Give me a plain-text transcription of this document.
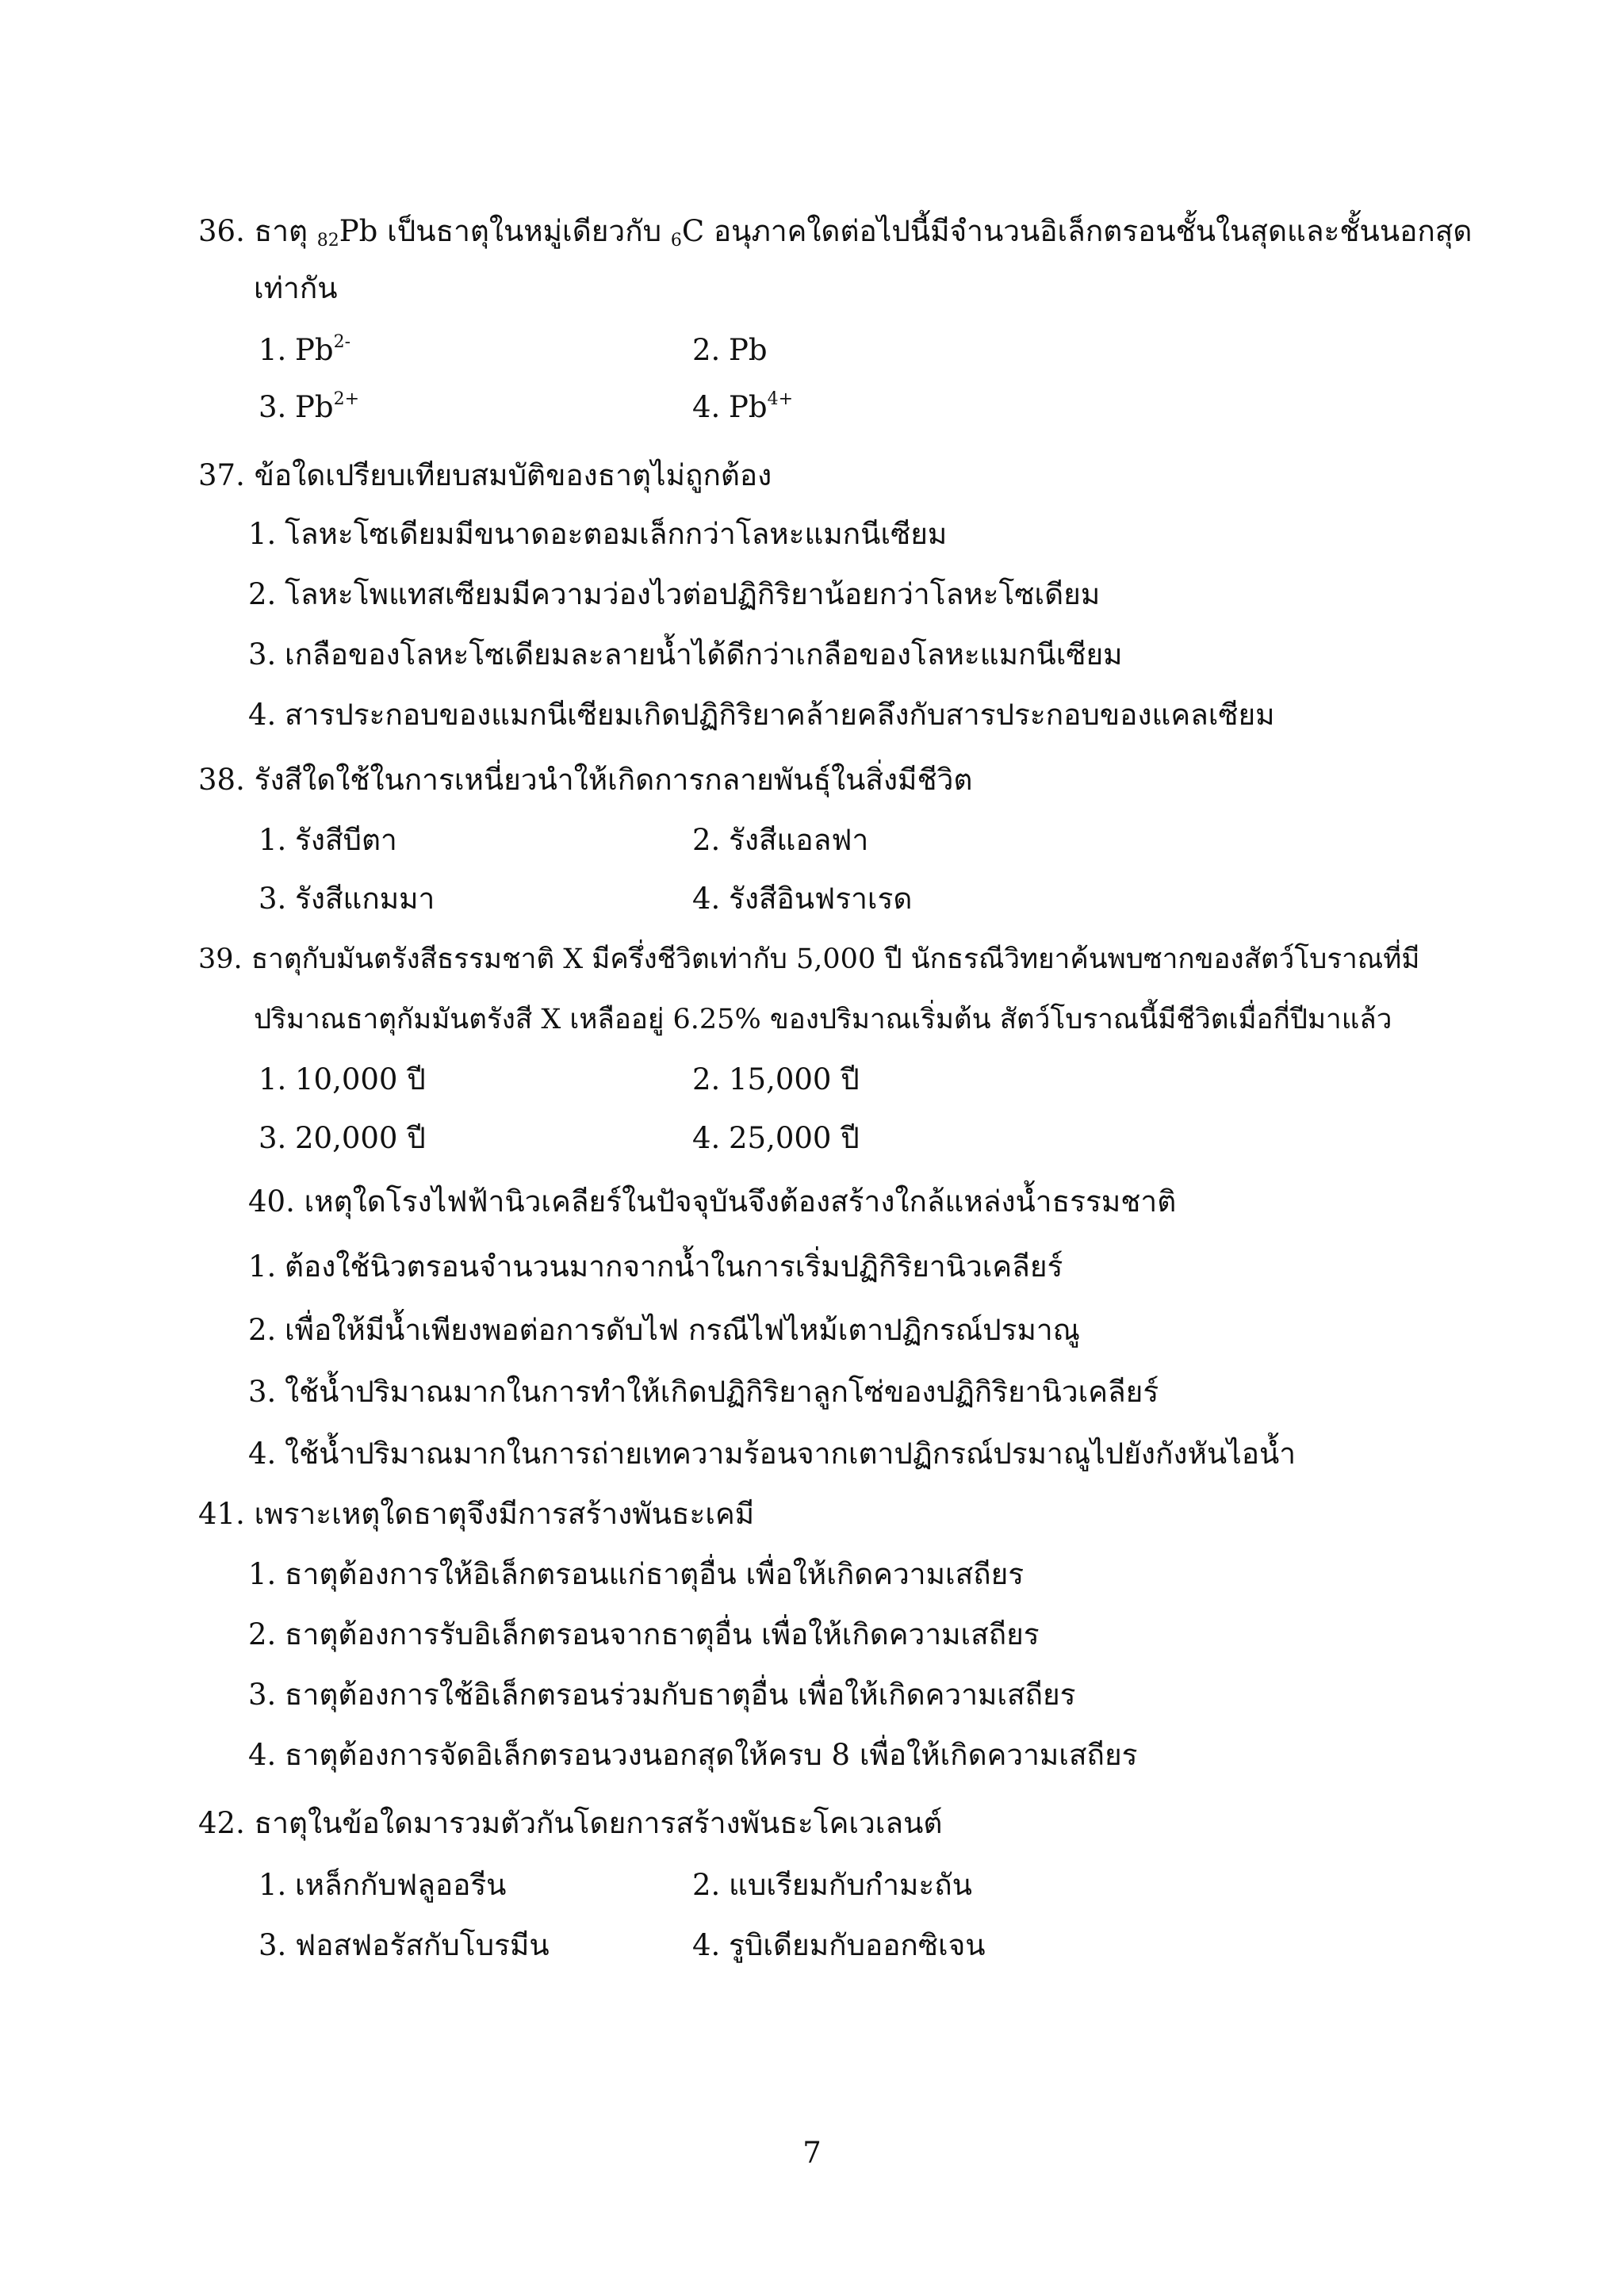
36. ธาตุ $_{82}$Pb เป็นธาตุในหมู่เดียวกับ $_6$C อนุภาคใดต่อไปนี้มีจำนวนอิเล็กตรอนชั้นในสุดและชั้นนอกสุด
เท่ากัน
1. $Pb^{2-}$	2. Pb
3. $Pb^{2+}$	4. $Pb^{4+}$
37. ข้อใดเปรียบเทียบสมบัติของธาตุไม่ถูกต้อง
1. โลหะโซเดียมมีขนาดอะตอมเล็กกว่าโลหะแมกนีเซียม
2. โลหะโพแทสเซียมมีความว่องไวต่อปฏิกิริยาน้อยกว่าโลหะโซเดียม
3. เกลือของโลหะโซเดียมละลายน้ำได้ดีกว่าเกลือของโลหะแมกนีเซียม
4. สารประกอบของแมกนีเซียมเกิดปฏิกิริยาคล้ายคลึงกับสารประกอบของแคลเซียม
38. รังสีใดใช้ในการเหนี่ยวนำให้เกิดการกลายพันธุ์ในสิ่งมีชีวิต
1. รังสีบีตา	2. รังสีแอลฟา
3. รังสีแกมมา	4. รังสีอินฟราเรด
39. ธาตุกับมันตรังสีธรรมชาติ X มีครึ่งชีวิตเท่ากับ 5,000 ปี นักธรณีวิทยาค้นพบซากของสัตว์โบราณที่มี
ปริมาณธาตุกัมมันตรังสี X เหลืออยู่ 6.25% ของปริมาณเริ่มต้น สัตว์โบราณนี้มีชีวิตเมื่อกี่ปีมาแล้ว
1. 10,000 ปี	2. 15,000 ปี
3. 20,000 ปี	4. 25,000 ปี
40. เหตุใดโรงไฟฟ้านิวเคลียร์ในปัจจุบันจึงต้องสร้างใกล้แหล่งน้ำธรรมชาติ
1. ต้องใช้นิวตรอนจำนวนมากจากน้ำในการเริ่มปฏิกิริยานิวเคลียร์
2. เพื่อให้มีน้ำเพียงพอต่อการดับไฟ กรณีไฟไหม้เตาปฏิกรณ์ปรมาณู
3. ใช้น้ำปริมาณมากในการทำให้เกิดปฏิกิริยาลูกโซ่ของปฏิกิริยานิวเคลียร์
4. ใช้น้ำปริมาณมากในการถ่ายเทความร้อนจากเตาปฏิกรณ์ปรมาณูไปยังกังหันไอน้ำ
41. เพราะเหตุใดธาตุจึงมีการสร้างพันธะเคมี
1. ธาตุต้องการให้อิเล็กตรอนแก่ธาตุอื่น เพื่อให้เกิดความเสถียร
2. ธาตุต้องการรับอิเล็กตรอนจากธาตุอื่น เพื่อให้เกิดความเสถียร
3. ธาตุต้องการใช้อิเล็กตรอนร่วมกับธาตุอื่น เพื่อให้เกิดความเสถียร
4. ธาตุต้องการจัดอิเล็กตรอนวงนอกสุดให้ครบ 8 เพื่อให้เกิดความเสถียร
42. ธาตุในข้อใดมารวมตัวกันโดยการสร้างพันธะโคเวเลนต์
1. เหล็กกับฟลูออรีน	2. แบเรียมกับกำมะถัน
3. ฟอสฟอรัสกับโบรมีน	4. รูบิเดียมกับออกซิเจน
7
